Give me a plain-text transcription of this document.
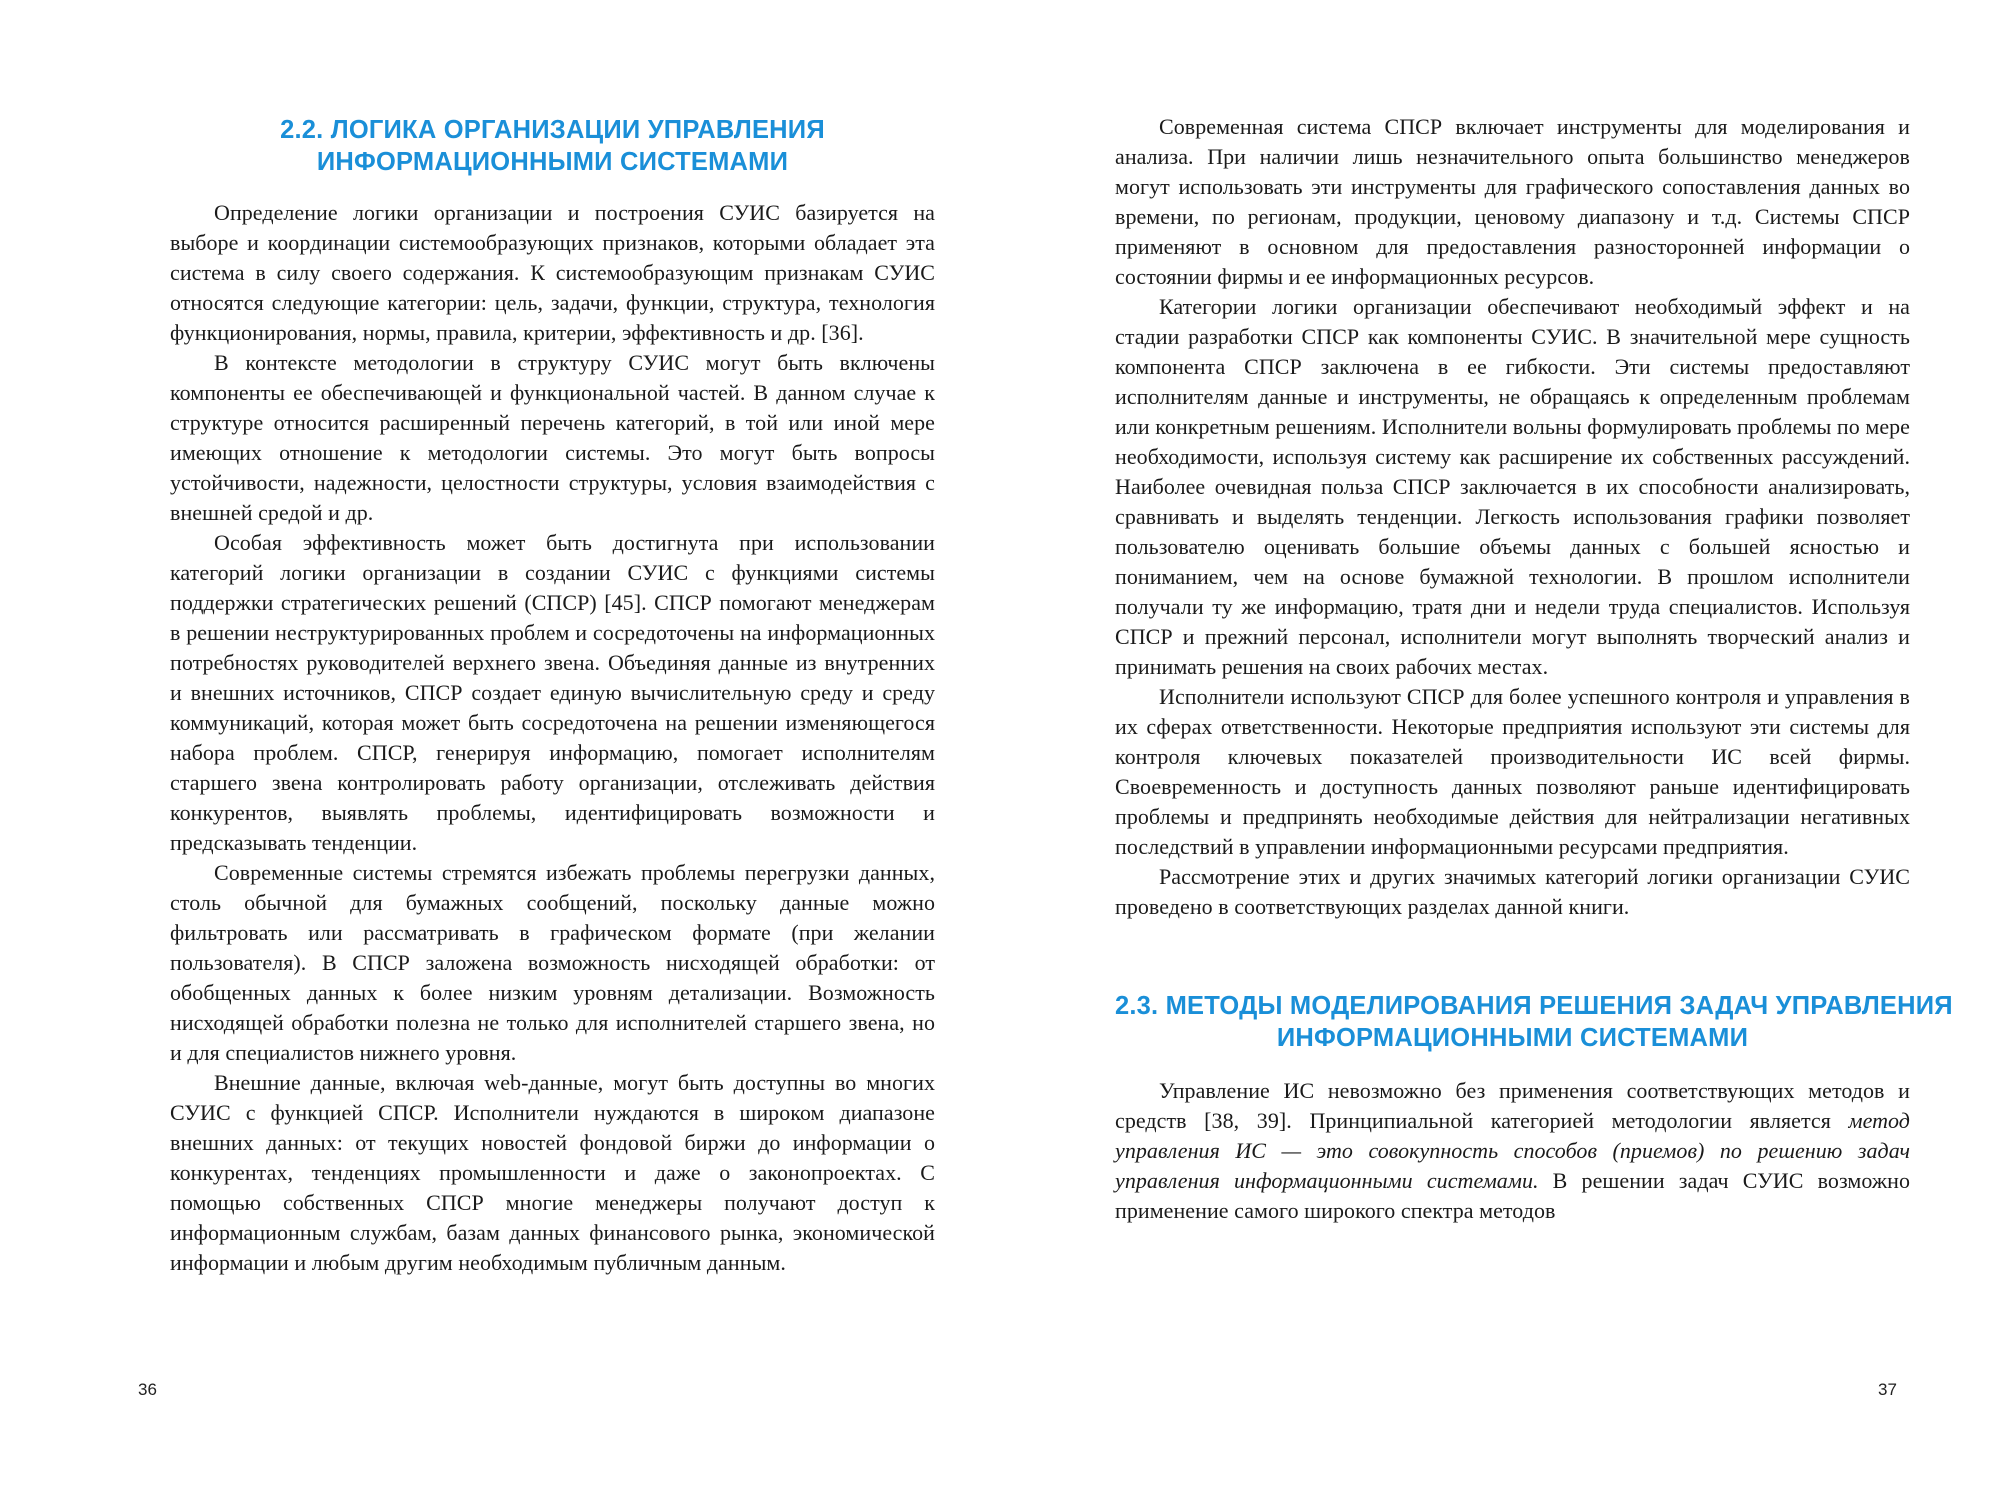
2.2. ЛОГИКА ОРГАНИЗАЦИИ УПРАВЛЕНИЯ
ИНФОРМАЦИОННЫМИ СИСТЕМАМИ

Определение логики организации и построения СУИС базируется на выборе и координации системообразующих признаков, которыми обладает эта система в силу своего содержания. К системообразующим признакам СУИС относятся следующие категории: цель, задачи, функции, структура, технология функционирования, нормы, правила, критерии, эффективность и др. [36].

В контексте методологии в структуру СУИС могут быть включены компоненты ее обеспечивающей и функциональной частей. В данном случае к структуре относится расширенный перечень категорий, в той или иной мере имеющих отношение к методологии системы. Это могут быть вопросы устойчивости, надежности, целостности структуры, условия взаимодействия с внешней средой и др.

Особая эффективность может быть достигнута при использовании категорий логики организации в создании СУИС с функциями системы поддержки стратегических решений (СПСР) [45]. СПСР помогают менеджерам в решении неструктурированных проблем и сосредоточены на информационных потребностях руководителей верхнего звена. Объединяя данные из внутренних и внешних источников, СПСР создает единую вычислительную среду и среду коммуникаций, которая может быть сосредоточена на решении изменяющегося набора проблем. СПСР, генерируя информацию, помогает исполнителям старшего звена контролировать работу организации, отслеживать действия конкурентов, выявлять проблемы, идентифицировать возможности и предсказывать тенденции.

Современные системы стремятся избежать проблемы перегрузки данных, столь обычной для бумажных сообщений, поскольку данные можно фильтровать или рассматривать в графическом формате (при желании пользователя). В СПСР заложена возможность нисходящей обработки: от обобщенных данных к более низким уровням детализации. Возможность нисходящей обработки полезна не только для исполнителей старшего звена, но и для специалистов нижнего уровня.

Внешние данные, включая web-данные, могут быть доступны во многих СУИС с функцией СПСР. Исполнители нуждаются в широком диапазоне внешних данных: от текущих новостей фондовой биржи до информации о конкурентах, тенденциях промышленности и даже о законопроектах. С помощью собственных СПСР многие менеджеры получают доступ к информационным службам, базам данных финансового рынка, экономической информации и любым другим необходимым публичным данным.

Современная система СПСР включает инструменты для моделирования и анализа. При наличии лишь незначительного опыта большинство менеджеров могут использовать эти инструменты для графического сопоставления данных во времени, по регионам, продукции, ценовому диапазону и т.д. Системы СПСР применяют в основном для предоставления разносторонней информации о состоянии фирмы и ее информационных ресурсов.

Категории логики организации обеспечивают необходимый эффект и на стадии разработки СПСР как компоненты СУИС. В значительной мере сущность компонента СПСР заключена в ее гибкости. Эти системы предоставляют исполнителям данные и инструменты, не обращаясь к определенным проблемам или конкретным решениям. Исполнители вольны формулировать проблемы по мере необходимости, используя систему как расширение их собственных рассуждений. Наиболее очевидная польза СПСР заключается в их способности анализировать, сравнивать и выделять тенденции. Легкость использования графики позволяет пользователю оценивать большие объемы данных с большей ясностью и пониманием, чем на основе бумажной технологии. В прошлом исполнители получали ту же информацию, тратя дни и недели труда специалистов. Используя СПСР и прежний персонал, исполнители могут выполнять творческий анализ и принимать решения на своих рабочих местах.

Исполнители используют СПСР для более успешного контроля и управления в их сферах ответственности. Некоторые предприятия используют эти системы для контроля ключевых показателей производительности ИС всей фирмы. Своевременность и доступность данных позволяют раньше идентифицировать проблемы и предпринять необходимые действия для нейтрализации негативных последствий в управлении информационными ресурсами предприятия.

Рассмотрение этих и других значимых категорий логики организации СУИС проведено в соответствующих разделах данной книги.

2.3. МЕТОДЫ МОДЕЛИРОВАНИЯ РЕШЕНИЯ ЗАДАЧ УПРАВЛЕНИЯ
ИНФОРМАЦИОННЫМИ СИСТЕМАМИ

Управление ИС невозможно без применения соответствующих методов и средств [38, 39]. Принципиальной категорией методологии является метод управления ИС — это совокупность способов (приемов) по решению задач управления информационными системами. В решении задач СУИС возможно применение самого широкого спектра методов

36	37
